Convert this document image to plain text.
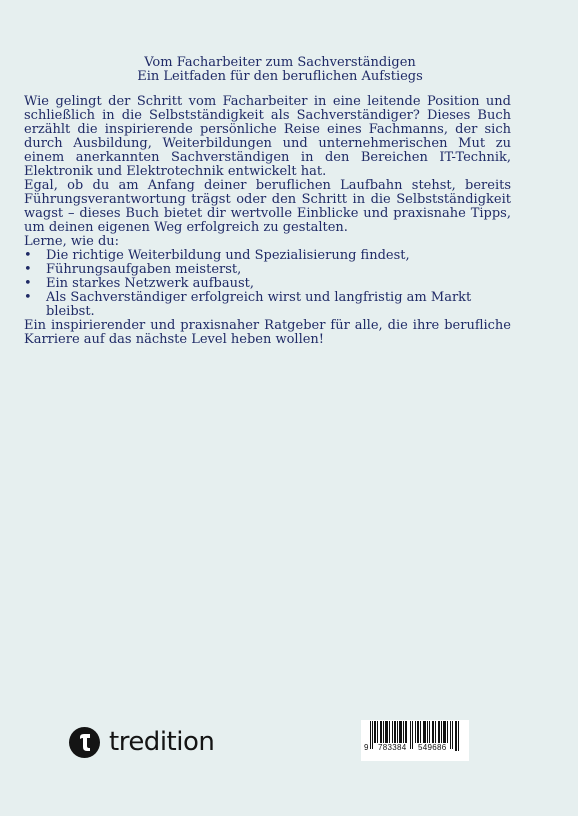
Vom Facharbeiter zum Sachverständigen
Ein Leitfaden für den beruflichen Aufstiegs

Wie gelingt der Schritt vom Facharbeiter in eine leitende Position und schließlich in die Selbstständigkeit als Sachverständiger? Dieses Buch erzählt die inspirierende persönliche Reise eines Fachmanns, der sich durch Ausbildung, Weiterbildungen und unternehmerischen Mut zu einem anerkannten Sachverständigen in den Bereichen IT-Technik, Elektronik und Elektrotechnik entwickelt hat.

Egal, ob du am Anfang deiner beruflichen Laufbahn stehst, bereits Führungsverantwortung trägst oder den Schritt in die Selbstständigkeit wagst – dieses Buch bietet dir wertvolle Einblicke und praxisnahe Tipps, um deinen eigenen Weg erfolgreich zu gestalten.

Lerne, wie du:

• Die richtige Weiterbildung und Spezialisierung findest,
• Führungsaufgaben meisterst,
• Ein starkes Netzwerk aufbaust,
• Als Sachverständiger erfolgreich wirst und langfristig am Markt bleibst.

Ein inspirierender und praxisnaher Ratgeber für alle, die ihre berufliche Karriere auf das nächste Level heben wollen!

tredition	9 783384 549686
